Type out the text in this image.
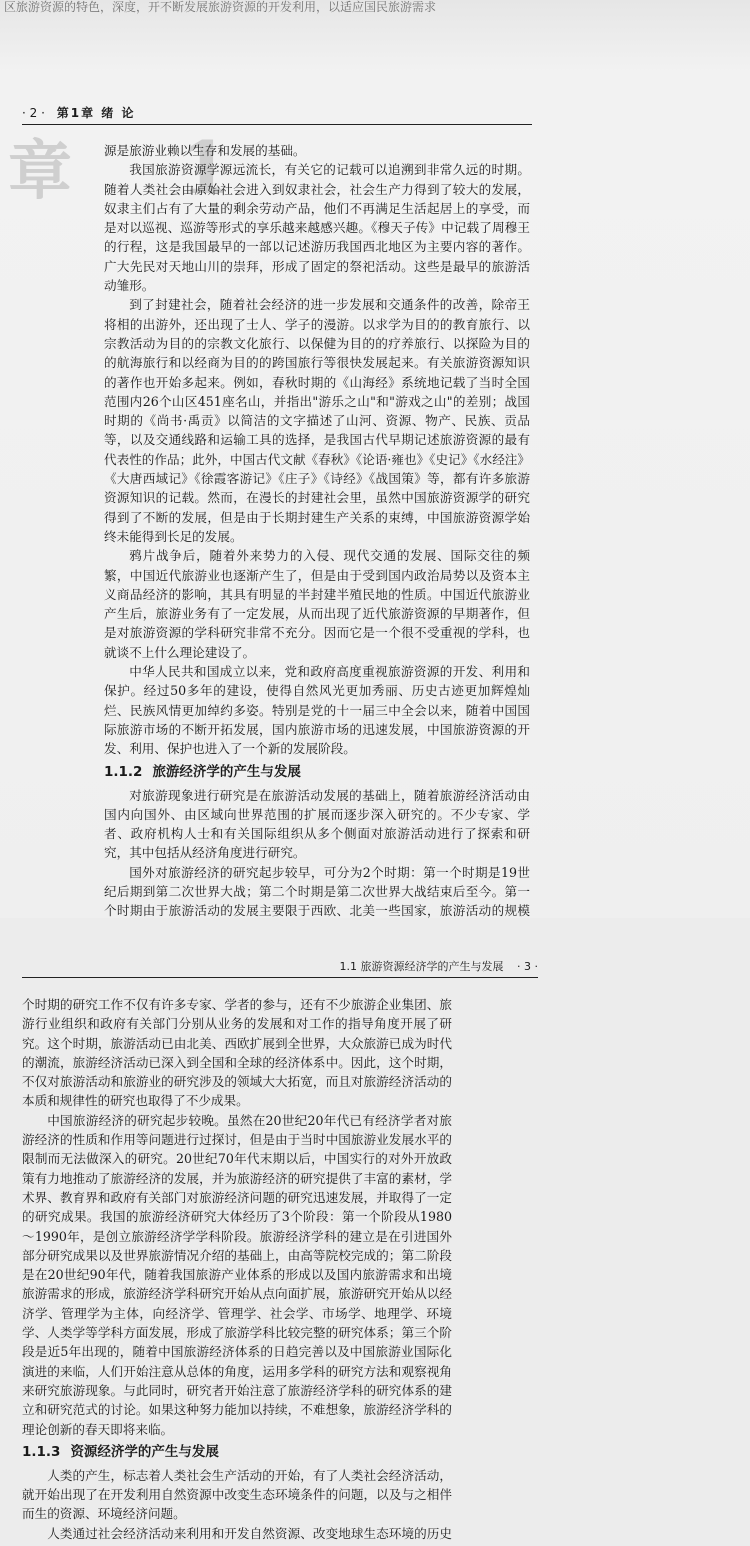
区旅游资源的特色，深度，开不断发展旅游资源的开发利用，以适应国民旅游需求
章 1
· 2 · 第1章 绪 论

源是旅游业赖以生存和发展的基础。

我国旅游资源学源远流长，有关它的记载可以追溯到非常久远的时期。随着人类社会由原始社会进入到奴隶社会，社会生产力得到了较大的发展，奴隶主们占有了大量的剩余劳动产品，他们不再满足生活起居上的享受，而是对以巡视、巡游等形式的享乐越来越感兴趣。《穆天子传》中记载了周穆王的行程，这是我国最早的一部以记述游历我国西北地区为主要内容的著作。广大先民对天地山川的崇拜，形成了固定的祭祀活动。这些是最早的旅游活动雏形。

到了封建社会，随着社会经济的进一步发展和交通条件的改善，除帝王将相的出游外，还出现了士人、学子的漫游。以求学为目的的教育旅行、以宗教活动为目的的宗教文化旅行、以保健为目的的疗养旅行、以探险为目的的航海旅行和以经商为目的的跨国旅行等很快发展起来。有关旅游资源知识的著作也开始多起来。例如，春秋时期的《山海经》系统地记载了当时全国范围内26个山区451座名山，并指出"游乐之山"和"游戏之山"的差别；战国时期的《尚书·禹贡》以简洁的文字描述了山河、资源、物产、民族、贡品等，以及交通线路和运输工具的选择，是我国古代早期记述旅游资源的最有代表性的作品；此外，中国古代文献《春秋》《论语·雍也》《史记》《水经注》《大唐西域记》《徐霞客游记》《庄子》《诗经》《战国策》等，都有许多旅游资源知识的记载。然而，在漫长的封建社会里，虽然中国旅游资源学的研究得到了不断的发展，但是由于长期封建生产关系的束缚，中国旅游资源学始终未能得到长足的发展。

鸦片战争后，随着外来势力的入侵、现代交通的发展、国际交往的频繁，中国近代旅游业也逐渐产生了，但是由于受到国内政治局势以及资本主义商品经济的影响，其具有明显的半封建半殖民地的性质。中国近代旅游业产生后，旅游业务有了一定发展，从而出现了近代旅游资源的早期著作，但是对旅游资源的学科研究非常不充分。因而它是一个很不受重视的学科，也就谈不上什么理论建设了。

中华人民共和国成立以来，党和政府高度重视旅游资源的开发、利用和保护。经过50多年的建设，使得自然风光更加秀丽、历史古迹更加辉煌灿烂、民族风情更加绰约多姿。特别是党的十一届三中全会以来，随着中国国际旅游市场的不断开拓发展，国内旅游市场的迅速发展，中国旅游资源的开发、利用、保护也进入了一个新的发展阶段。

1.1.2 旅游经济学的产生与发展

对旅游现象进行研究是在旅游活动发展的基础上，随着旅游经济活动由国内向国外、由区域向世界范围的扩展而逐步深入研究的。不少专家、学者、政府机构人士和有关国际组织从多个侧面对旅游活动进行了探索和研究，其中包括从经济角度进行研究。

国外对旅游经济的研究起步较早，可分为2个时期：第一个时期是19世纪后期到第二次世界大战；第二个时期是第二次世界大战结束后至今。第一个时期由于旅游活动的发展主要限于西欧、北美一些国家，旅游活动的规模

1.1 旅游资源经济学的产生与发展 · 3 ·

个时期的研究工作不仅有许多专家、学者的参与，还有不少旅游企业集团、旅游行业组织和政府有关部门分别从业务的发展和对工作的指导角度开展了研究。这个时期，旅游活动已由北美、西欧扩展到全世界，大众旅游已成为时代的潮流，旅游经济活动已深入到全国和全球的经济体系中。因此，这个时期，不仅对旅游活动和旅游业的研究涉及的领域大大拓宽，而且对旅游经济活动的本质和规律性的研究也取得了不少成果。

中国旅游经济的研究起步较晚。虽然在20世纪20年代已有经济学者对旅游经济的性质和作用等问题进行过探讨，但是由于当时中国旅游业发展水平的限制而无法做深入的研究。20世纪70年代末期以后，中国实行的对外开放政策有力地推动了旅游经济的发展，并为旅游经济的研究提供了丰富的素材，学术界、教育界和政府有关部门对旅游经济问题的研究迅速发展，并取得了一定的研究成果。我国的旅游经济研究大体经历了3个阶段：第一个阶段从1980～1990年，是创立旅游经济学学科阶段。旅游经济学科的建立是在引进国外部分研究成果以及世界旅游情况介绍的基础上，由高等院校完成的；第二阶段是在20世纪90年代，随着我国旅游产业体系的形成以及国内旅游需求和出境旅游需求的形成，旅游经济学科研究开始从点向面扩展，旅游研究开始从以经济学、管理学为主体，向经济学、管理学、社会学、市场学、地理学、环境学、人类学等学科方面发展，形成了旅游学科比较完整的研究体系；第三个阶段是近5年出现的，随着中国旅游经济体系的日趋完善以及中国旅游业国际化演进的来临，人们开始注意从总体的角度，运用多学科的研究方法和观察视角来研究旅游现象。与此同时，研究者开始注意了旅游经济学科的研究体系的建立和研究范式的讨论。如果这种努力能加以持续，不难想象，旅游经济学科的理论创新的春天即将来临。

1.1.3 资源经济学的产生与发展

人类的产生，标志着人类社会生产活动的开始，有了人类社会经济活动，就开始出现了在开发利用自然资源中改变生态环境条件的问题，以及与之相伴而生的资源、环境经济问题。

人类通过社会经济活动来利用和开发自然资源、改变地球生态环境的历史
